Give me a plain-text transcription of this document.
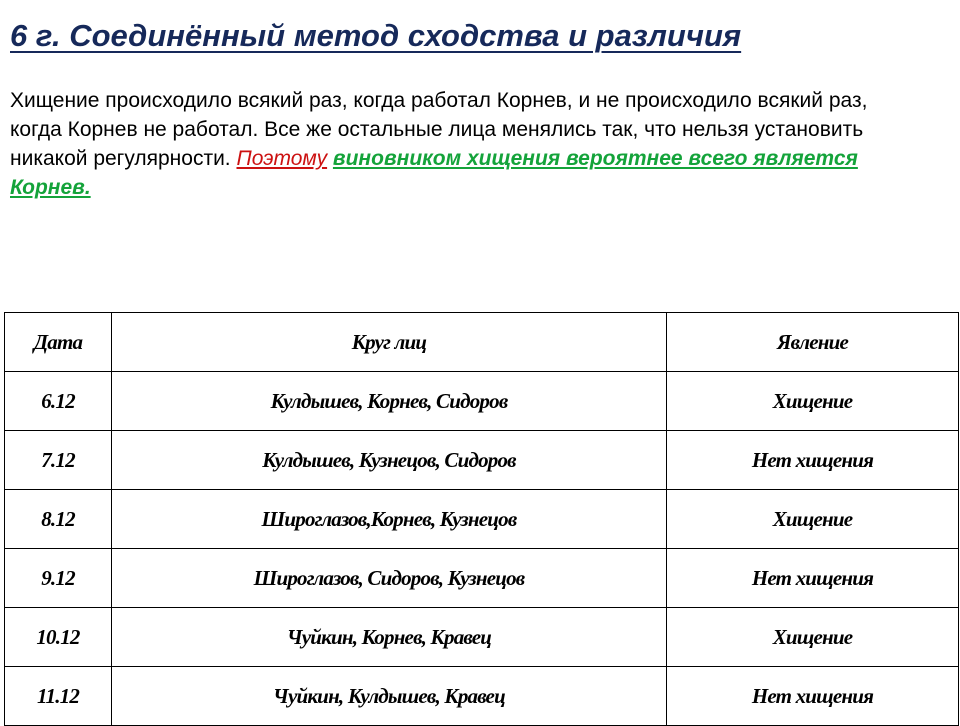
6 г. Соединённый метод сходства и различия

Хищение происходило всякий раз, когда работал Корнев, и не происходило всякий раз, когда Корнев не работал. Все же остальные лица менялись так, что нельзя установить никакой регулярности. Поэтому виновником хищения вероятнее всего является Корнев.

Дата	Круг лиц	Явление
6.12	Кулдышев, Корнев, Сидоров	Хищение
7.12	Кулдышев, Кузнецов, Сидоров	Нет хищения
8.12	Широглазов,Корнев, Кузнецов	Хищение
9.12	Широглазов, Сидоров, Кузнецов	Нет хищения
10.12	Чуйкин, Корнев, Кравец	Хищение
11.12	Чуйкин, Кулдышев, Кравец	Нет хищения
